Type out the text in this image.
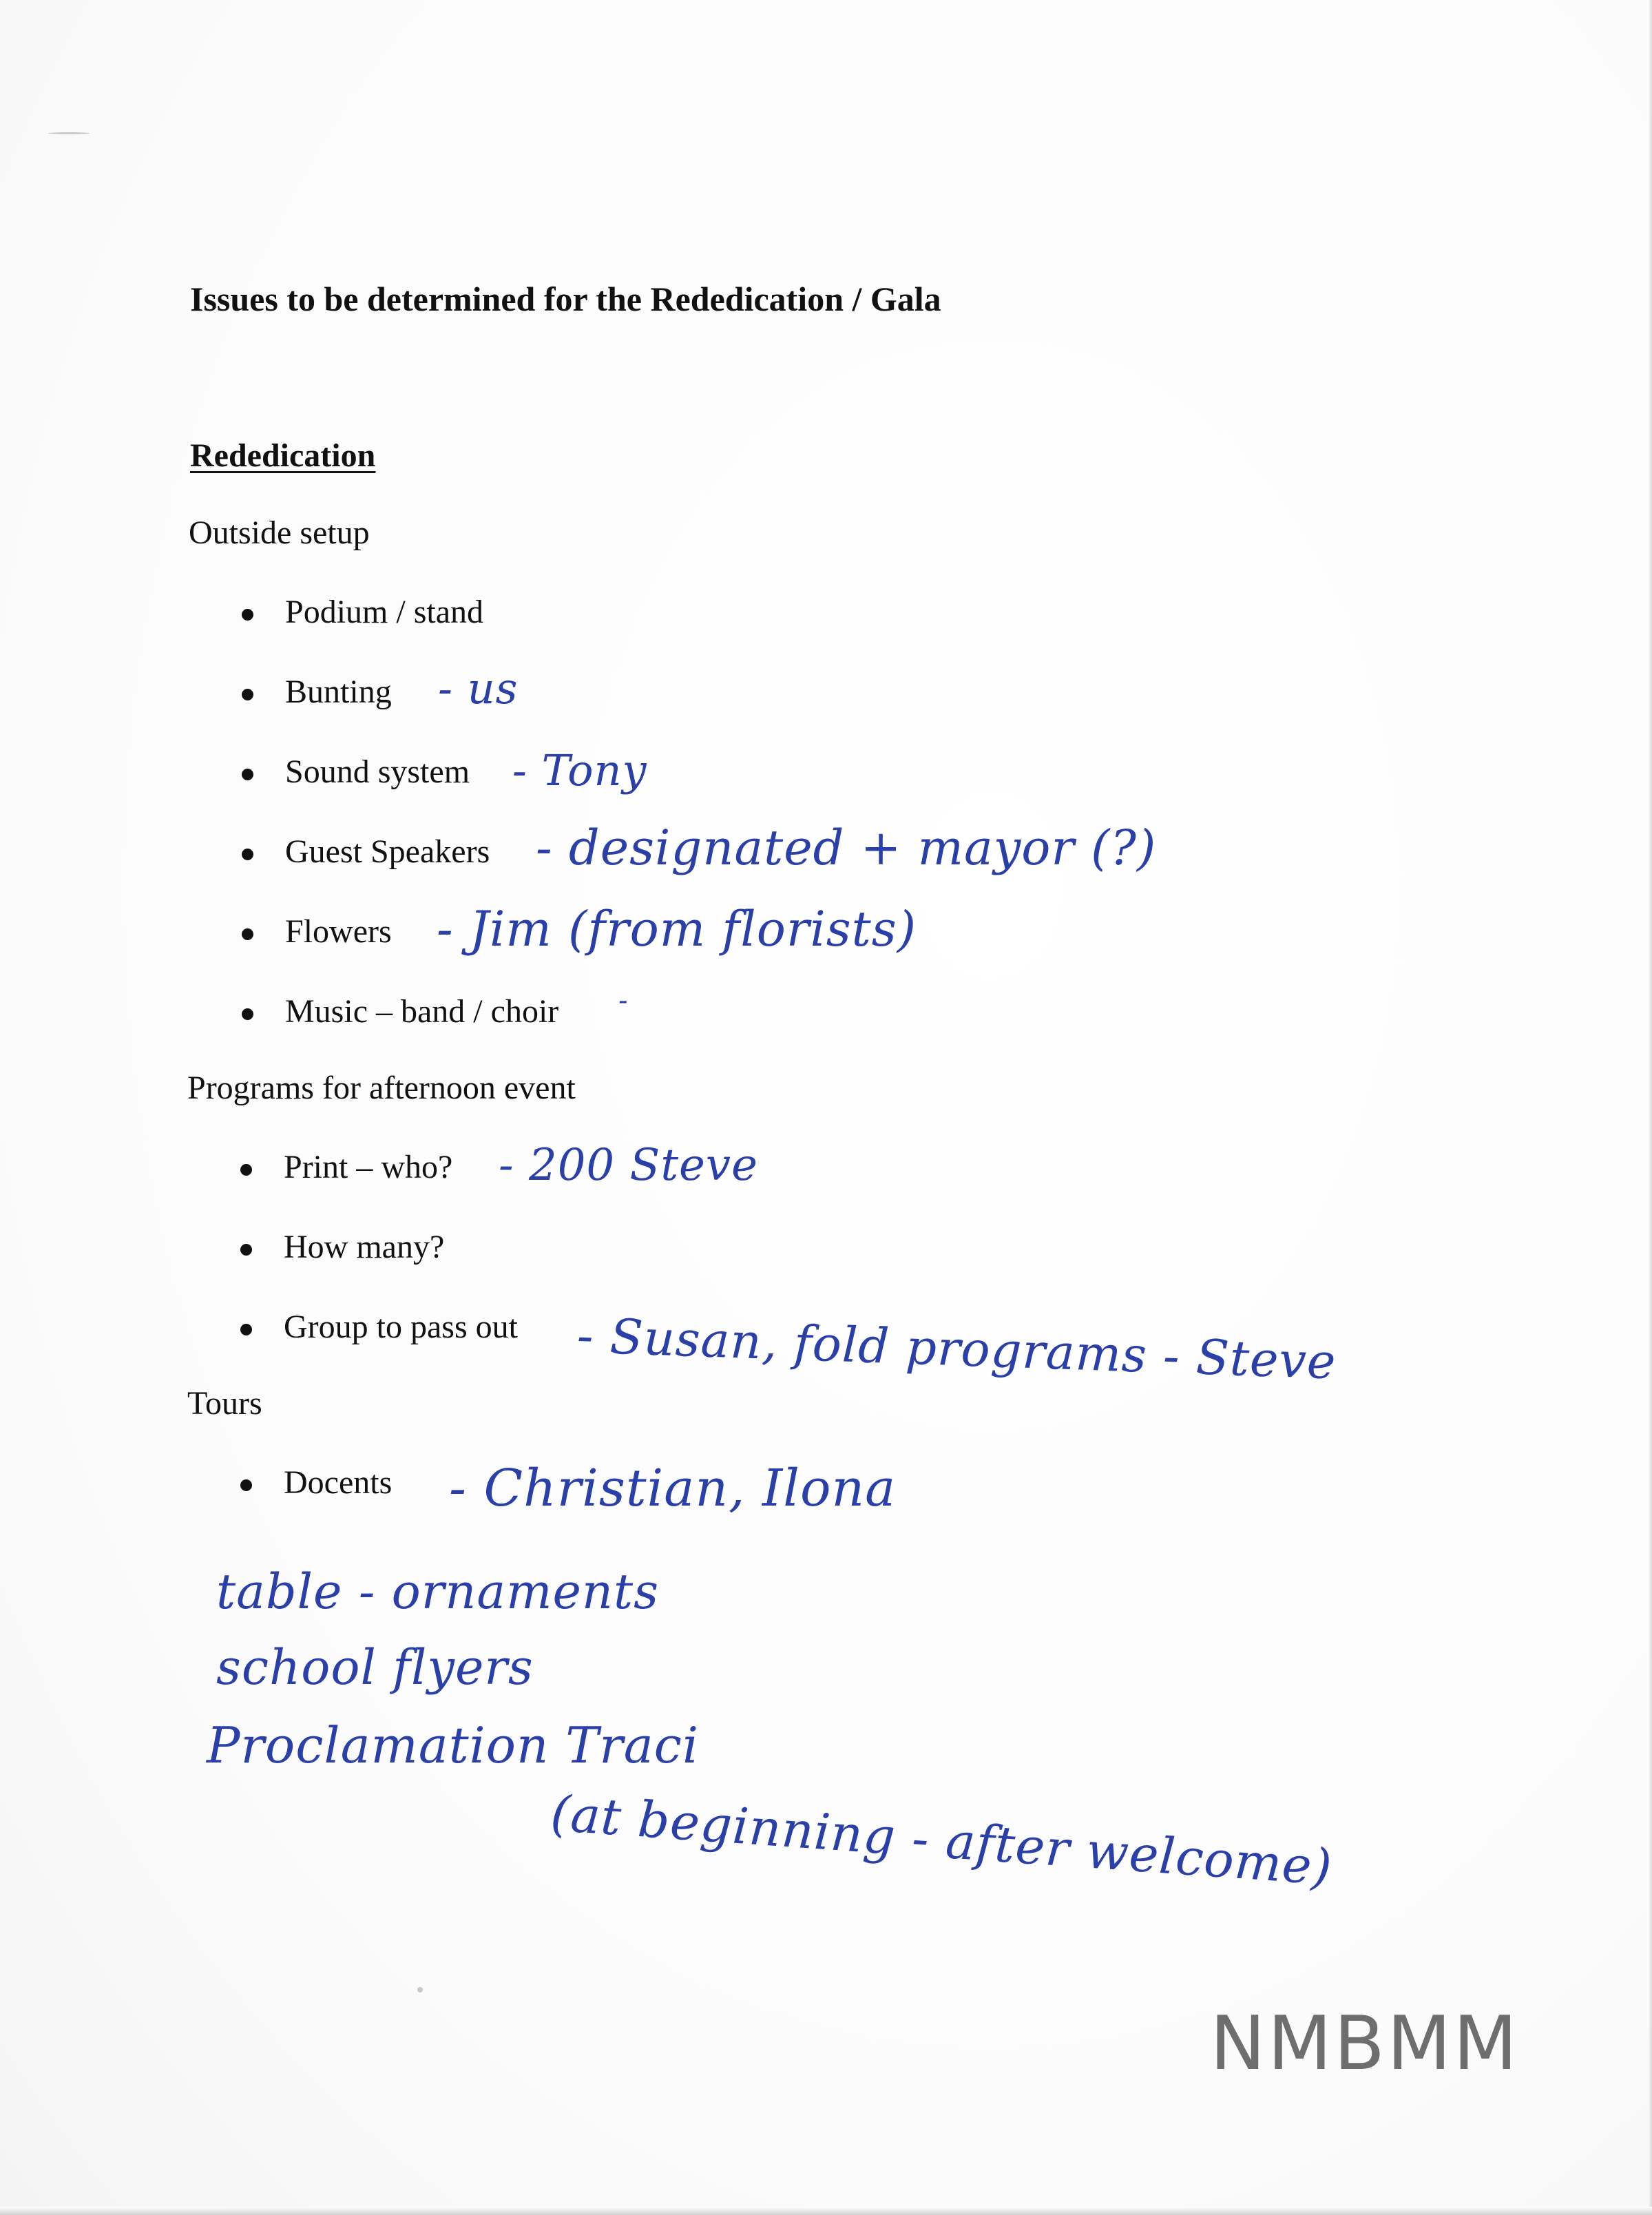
Issues to be determined for the Rededication / Gala
Rededication
Outside setup
Podium / stand
Bunting - us
Sound system - Tony
Guest Speakers - designated + mayor (?)
Flowers - Jim (from florists)
Music – band / choir -
Programs for afternoon event
Print – who? - 200 Steve
How many?
Group to pass out - Susan, fold programs - Steve
Tours
Docents - Christian, Ilona
table - ornaments
school flyers
Proclamation Traci
(at beginning - after welcome)
NMBMM
